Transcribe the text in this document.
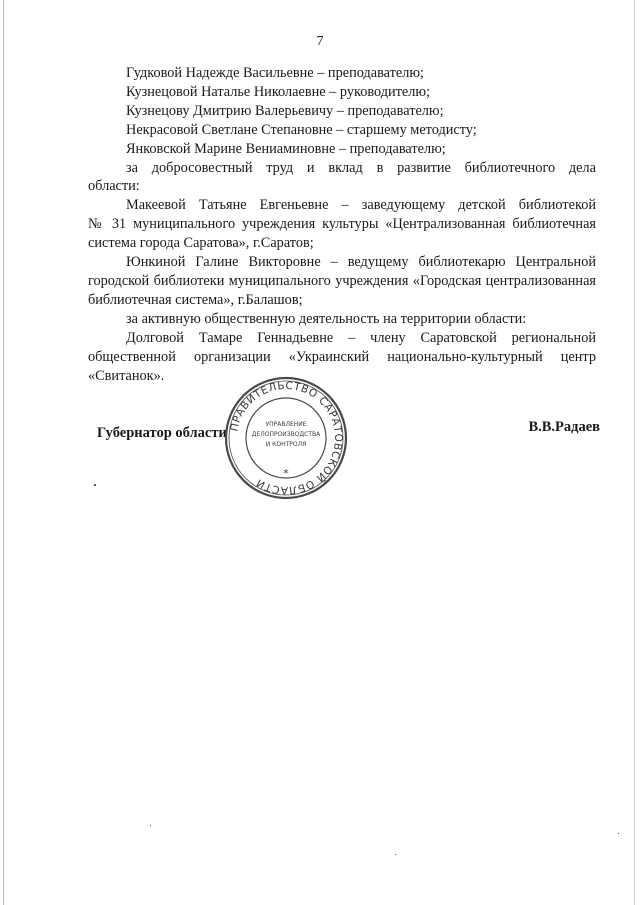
7
Гудковой Надежде Васильевне – преподавателю;
Кузнецовой Наталье Николаевне – руководителю;
Кузнецову Дмитрию Валерьевичу – преподавателю;
Некрасовой Светлане Степановне – старшему методисту;
Янковской Марине Вениаминовне – преподавателю;
за добросовестный труд и вклад в развитие библиотечного дела
области:
Макеевой Татьяне Евгеньевне – заведующему детской библиотекой
№ 31 муниципального учреждения культуры «Централизованная библиотечная
система города Саратова», г.Саратов;
Юнкиной Галине Викторовне – ведущему библиотекарю Центральной
городской библиотеки муниципального учреждения «Городская централизованная
библиотечная система», г.Балашов;
за активную общественную деятельность на территории области:
Долговой Тамаре Геннадьевне – члену Саратовской региональной
общественной организации «Украинский национально-культурный центр
«Свитанок».
Губернатор области	В.В.Радаев
ПРАВИТЕЛЬСТВО САРАТОВСКОЙ ОБЛАСТИ
УПРАВЛЕНИЕ
ДЕЛОПРОИЗВОДСТВА
И КОНТРОЛЯ
*
